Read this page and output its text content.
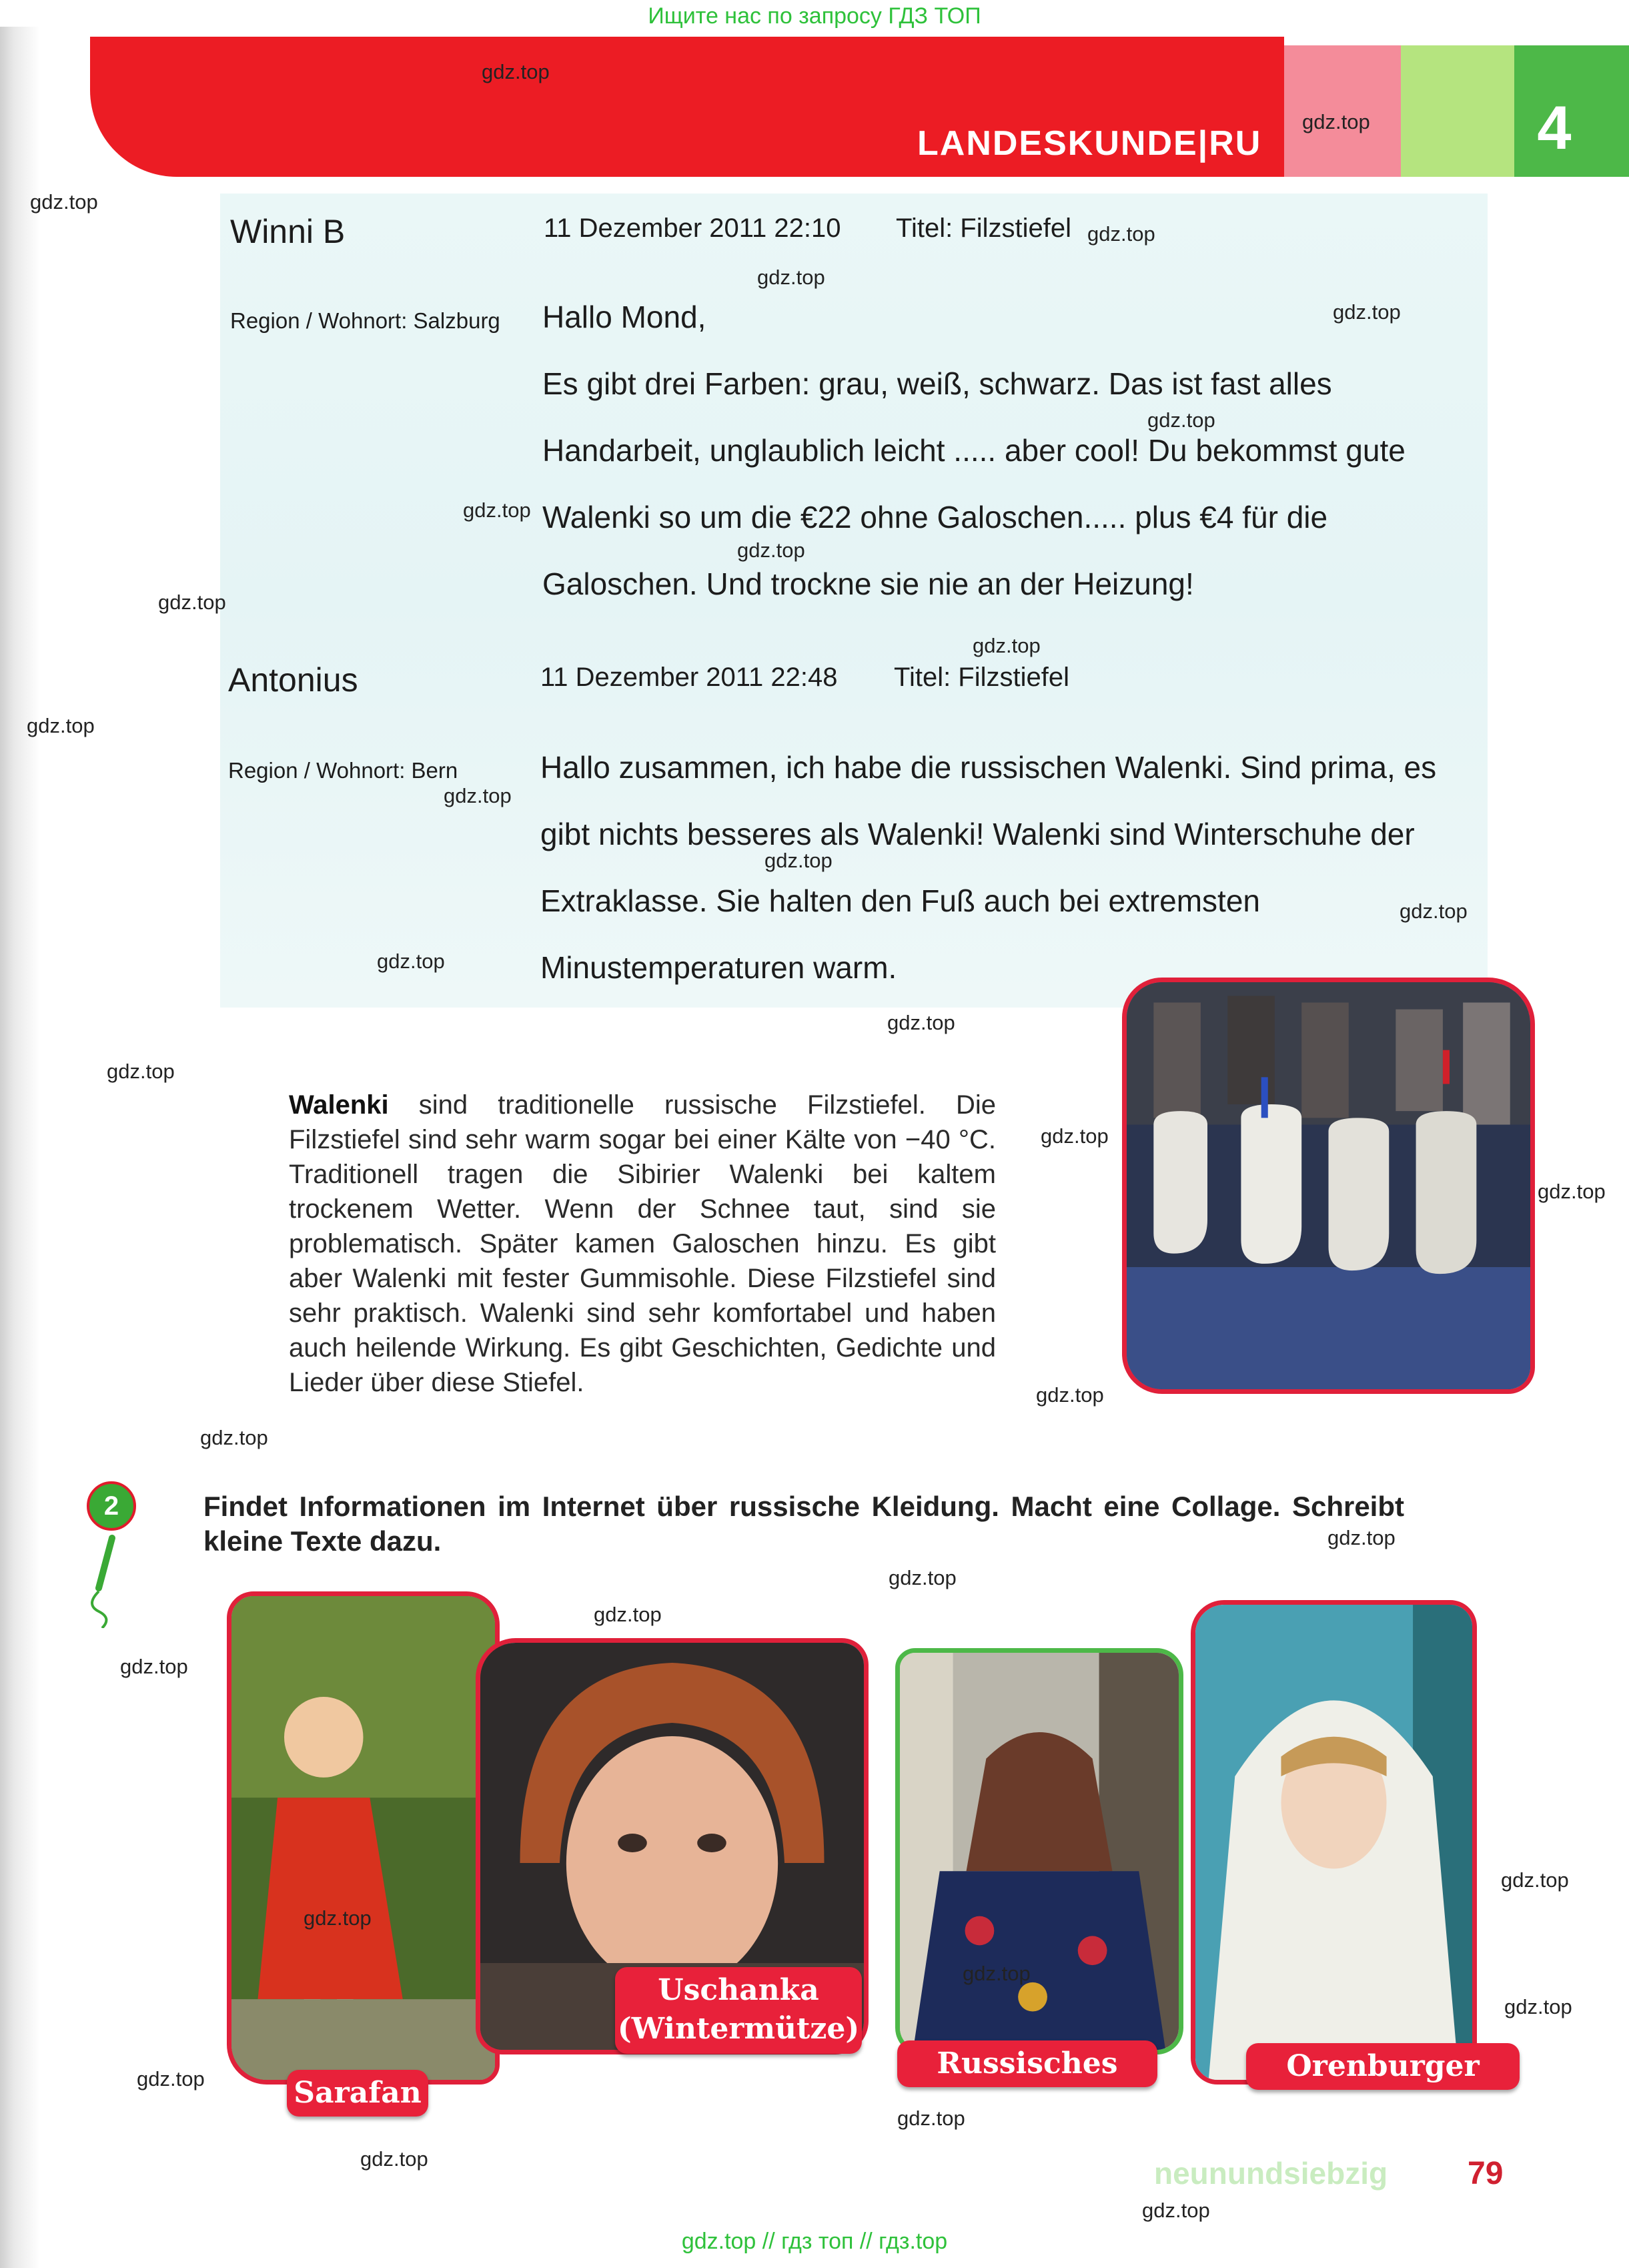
Ищите нас по запросу ГДЗ ТОП
LANDESKUNDE|RU	4
Winni B	11 Dezember 2011 22:10 Titel: Filzstiefel
Region / Wohnort: Salzburg Hallo Mond,
Es gibt drei Farben: grau, weiß, schwarz. Das ist fast alles
Handarbeit, unglaublich leicht ..... aber cool! Du bekommst gute
Walenki so um die €22 ohne Galoschen..... plus €4 für die
Galoschen. Und trockne sie nie an der Heizung!
Antonius	11 Dezember 2011 22:48 Titel: Filzstiefel
Region / Wohnort: Bern	Hallo zusammen, ich habe die russischen Walenki. Sind prima, es
gibt nichts besseres als Walenki! Walenki sind Winterschuhe der
Extraklasse. Sie halten den Fuß auch bei extremsten
Minustemperaturen warm.
Walenki sind traditionelle russische Filzstiefel. Die Filzstiefel sind sehr warm sogar bei einer Kälte von −40 °C. Traditionell tragen die Sibirier Walenki bei kaltem trockenem Wetter. Wenn der Schnee taut, sind sie problematisch. Später kamen Galoschen hinzu. Es gibt aber Walenki mit fester Gummisohle. Diese Filzstiefel sind sehr praktisch. Walenki sind sehr komfortabel und haben auch heilende Wirkung. Es gibt Geschichten, Gedichte und Lieder über diese Stiefel.
2	Findet Informationen im Internet über russische Kleidung. Macht eine Collage. Schreibt kleine Texte dazu.
Sarafan
Uschanka
(Wintermütze)
Russisches Tuch
Orenburger Schal
gdz.top
gdz.top
gdz.top
gdz.top
gdz.top
gdz.top
gdz.top
gdz.top
gdz.top
gdz.top
gdz.top
gdz.top
gdz.top
gdz.top
gdz.top
gdz.top
gdz.top
gdz.top
gdz.top
gdz.top
gdz.top
gdz.top
gdz.top
gdz.top
gdz.top
gdz.top
gdz.top
gdz.top
gdz.top
gdz.top
gdz.top
gdz.top
gdz.top
gdz.top
neunundsiebzig 79
gdz.top // гдз топ // гдз.top
